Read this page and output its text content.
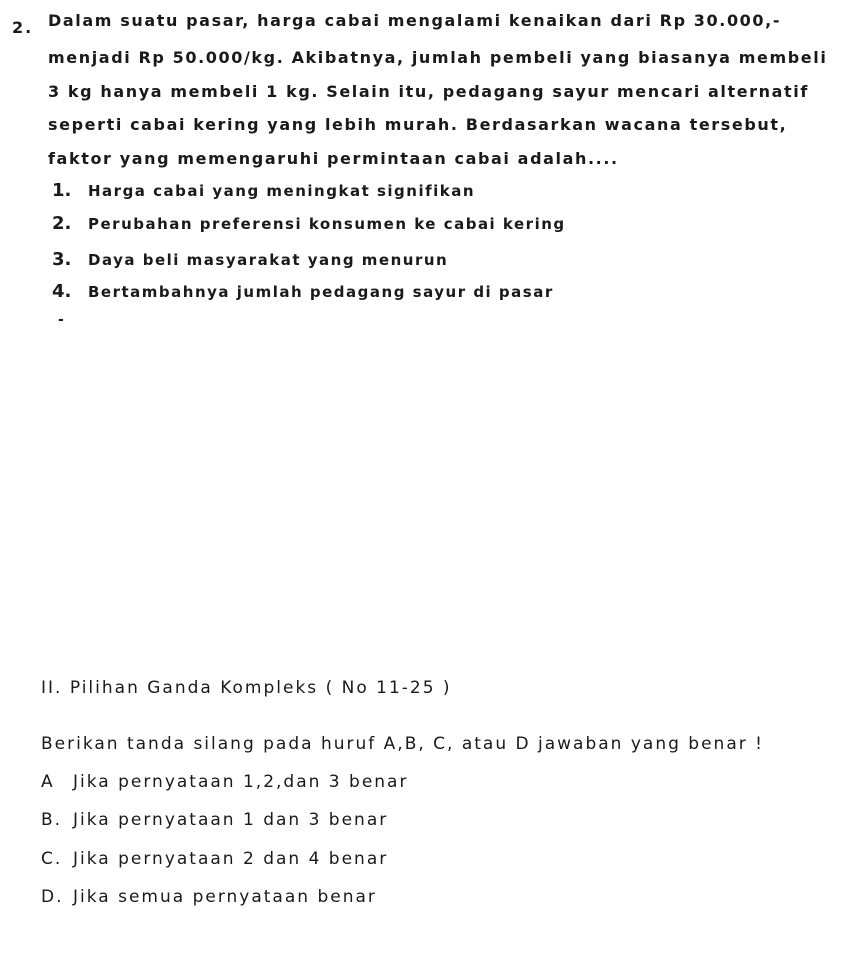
2. Dalam suatu pasar, harga cabai mengalami kenaikan dari Rp 30.000,-
menjadi Rp 50.000/kg. Akibatnya, jumlah pembeli yang biasanya membeli
3 kg hanya membeli 1 kg. Selain itu, pedagang sayur mencari alternatif
seperti cabai kering yang lebih murah. Berdasarkan wacana tersebut,
faktor yang memengaruhi permintaan cabai adalah....
1. Harga cabai yang meningkat signifikan
2. Perubahan preferensi konsumen ke cabai kering
3. Daya beli masyarakat yang menurun
4. Bertambahnya jumlah pedagang sayur di pasar
-
II. Pilihan Ganda Kompleks ( No 11-25 )
Berikan tanda silang pada huruf A,B, C, atau D jawaban yang benar !
A Jika pernyataan 1,2,dan 3 benar
B. Jika pernyataan 1 dan 3 benar
C. Jika pernyataan 2 dan 4 benar
D. Jika semua pernyataan benar
